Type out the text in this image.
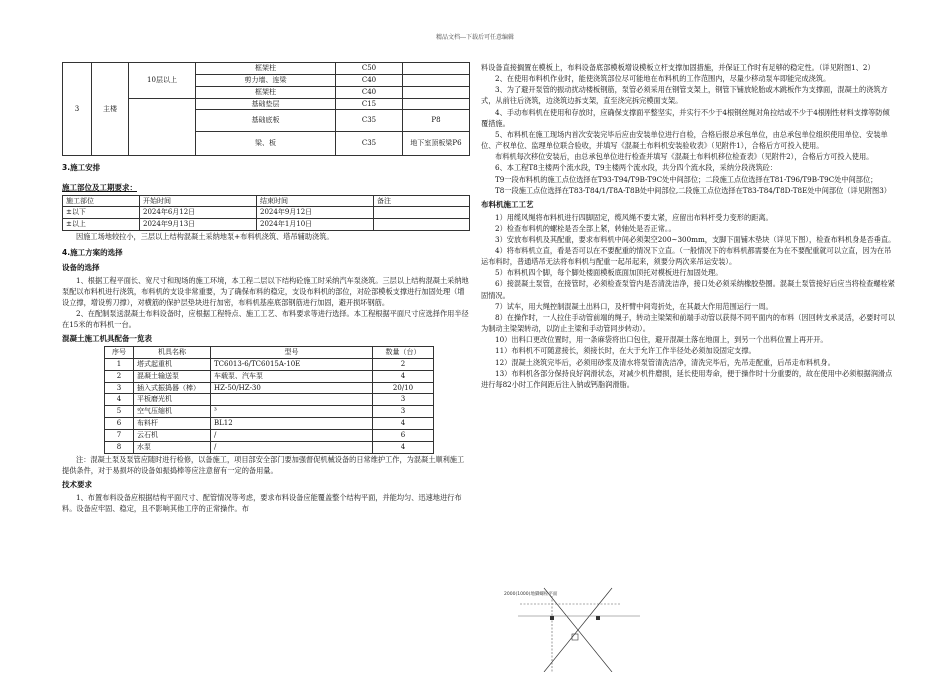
精品文档---下载后可任意编辑
3	主楼	10层以上	框架柱	C50	
			剪力墙、连梁	C40	
			框架柱	C40	
			基础垫层	C15	
			基础底板	C35	P8
			梁、板	C35	地下室顶板梁P6
3.施工安排
施工部位及工期要求：
施工部位	开始时间	结束时间	备注
±以下	2024年6月12日	2024年9月12日	
±以上	2024年9月13日	2024年1月10日	

因施工场地较拉小，三层以上结构混凝土采纳地泵+布料机浇筑、塔吊辅助浇筑。

4.施工方案的选择
设备的选择

1、根据工程平面长、宽尺寸和现场的施工环境，本工程二层以下结构砼施工时采纳汽车泵浇筑。三层以上结构混凝土采纳地泵配以布料机进行浇筑，布料机的支设非常重要，为了确保布料的稳定，支设布料机的部位，对砼部模板支撑进行加固处理（增设立撑，增设剪刀撑），对横筋的保护层垫块进行加密，布料机基座底部钢筋进行加固，避开损坏钢筋。

2、在配制泵送混凝土布料设备时，应根据工程特点、施工工艺、布料要求等进行选择。本工程根据平面尺寸应选择作用半径在15米的布料机一台。

混凝土施工机具配备一览表
序号	机具名称	型号	数量（台）
1	塔式起重机	TC6013-6/TC6015A-10E	2
2	混凝土输送泵	车载泵、汽车泵	4
3	插入式振捣器（棒）	HZ-50/HZ-30	20/10
4	平板磨光机		3
5	空气压缩机	³	3
6	布料杆	BL12	4
7	云石机	/	6
8	水泵	/	4

注：混凝土泵及泵管应随时进行检修，以备施工，项目部安全部门要加强督促机械设备的日常维护工作，为混凝土顺利施工提供条件，对于易损坏的设备如振捣棒等应注意留有一定的备用量。

技术要求

1、布置布料设备应根据结构平面尺寸、配管情况等考虑，要求布料设备应能覆盖整个结构平面，并能均匀、迅速地进行布料。设备应牢固、稳定，且不影响其他工序的正常操作。布

料设备直接搁置在模板上，布料设备底部模板增设模板立杆支撑加固措施，并保证工作时有足够的稳定性。（详见附图1、2）

2、在使用布料机作业时，能使浇筑部位尽可能地在布料机的工作范围内，尽量少移动泵车即能完成浇筑。

3、为了避开泵管的振动扰动楼板钢筋，泵管必须采用在钢管支架上，钢管下铺放轮胎或木跳板作为支撑面，混凝土的浇筑方式，从前往后浇筑，边浇筑边拆支架，直至浇完拆完模面支架。

4、手动布料机在使用和存放时，应确保支撑面平整坚实，并实行不少于4根钢丝绳对角拉结或不少于4根刚性材料支撑等防倾覆措施。

5、布料机在施工现场内首次安装完毕后应由安装单位进行自检，合格后报总承包单位，由总承包单位组织使用单位、安装单位、产权单位、监理单位联合验收，并填写《混凝土布料机安装验收表》（见附件1），合格后方可投入使用。

布料机每次移位安装后，由总承包单位进行检查并填写《混凝土布料机移位检查表》（见附件2），合格后方可投入使用。

6、本工程T8主楼两个流水段，T9主楼两个流水段，共分四个流水段，采纳分段浇筑砼：

T9一段布料机的施工点位选择在T93-T94/T9B-T9C处中间部位；二段施工点位选择在T81-T96/T9B-T9C处中间部位；

T8一段施工点位选择在T83-T84/1/T8A-T8B处中间部位,二段施工点位选择在T83-T84/T8D-T8E处中间部位（详见附图3）

布料机施工工艺

1）用缆风绳将布料机进行四脚固定，缆风绳不要太紧，应留出布料杆受力变形的距离。

2）检查布料机的螺栓是否全部上紧，转轴处是否正常。。

3）安放布料机及其配重，要求布料机中间必须架空200~300mm，支脚下面铺木垫块（详见下图），检查布料机身是否垂直。

4）将布料机立直，看是否可以在不要配重的情况下立直。（一般情况下的布料机都需要在为在不要配重就可以立直，因为在吊运布料时，普通塔吊无法将布料机与配重一起吊起来，须要分两次来吊运安装）。

5）布料机四个脚，每个脚处楼面模板底面加顶托对模板进行加固处理。

6）接混凝土泵管，在接管时，必须检查泵管内是否清洗洁净，接口处必须采纳橡胶垫圈。混凝土泵管接好后应当将检查螺栓紧固情况。

7）试车，用大绳控制混凝土出料口，及杆臂中间弯折处，在其最大作用范围运行一周。

8）在操作时，一人拉住手动管前端的绳子，转动主梁架和前端手动管以获得不同平面内的布料（因回转支承灵活，必要时可以为制动主梁架转动，以防止主梁和手动管同步转动）。

10）出料口更改位置时，用一条麻袋将出口包住，避开混凝土落在地面上，到另一个出料位置上再开开。

11）布料机不可随意接长，须接长时，在大于允许工作半径处必须加设固定支撑。

12）混凝土浇筑完毕后，必须用砂浆及清水将泵管清洗洁净，清洗完毕后，先吊走配重，后吊走布料机身。

13）布料机各部分保持良好润滑状态，对减少机件磨损，延长使用寿命，便于操作时十分重要的，故在使用中必须根据润滑点进行每82小时工作间距后注入钠或钙脂润滑脂。

2000(1000)地脚螺栓平面
